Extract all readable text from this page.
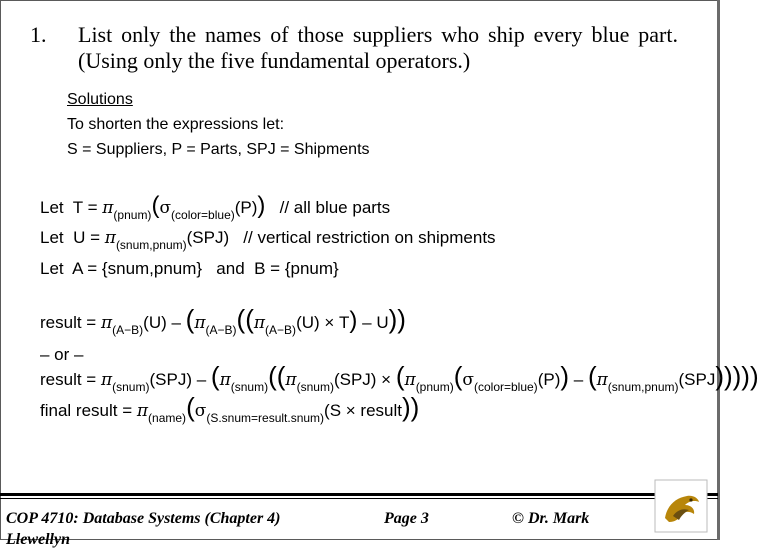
1. List only the names of those suppliers who ship every blue part. (Using only the five fundamental operators.)
Solutions
To shorten the expressions let:
S = Suppliers, P = Parts, SPJ = Shipments
Let $T = \pi_{(pnum)}(\sigma_{(color=blue)}(P))$ // all blue parts
Let $U = \pi_{(snum,pnum)}(SPJ)$ // vertical restriction on shipments
Let A = {snum,pnum} and B = {pnum}
result = $\pi_{(A-B)}(U) - (\pi_{(A-B)}((\pi_{(A-B)}(U) \times T) - U))$
– or –
result = $\pi_{(snum)}(SPJ) - (\pi_{(snum)}((\pi_{(snum)}(SPJ) \times (\pi_{(pnum)}(\sigma_{(color=blue)}(P)) - (\pi_{(snum,pnum)}(SPJ)))))$
final result = $\pi_{(name)}(\sigma_{(S.snum=result.snum)}(S$ × result))
COP 4710: Database Systems (Chapter 4)	Page 3	© Dr. Mark
Llewellyn
